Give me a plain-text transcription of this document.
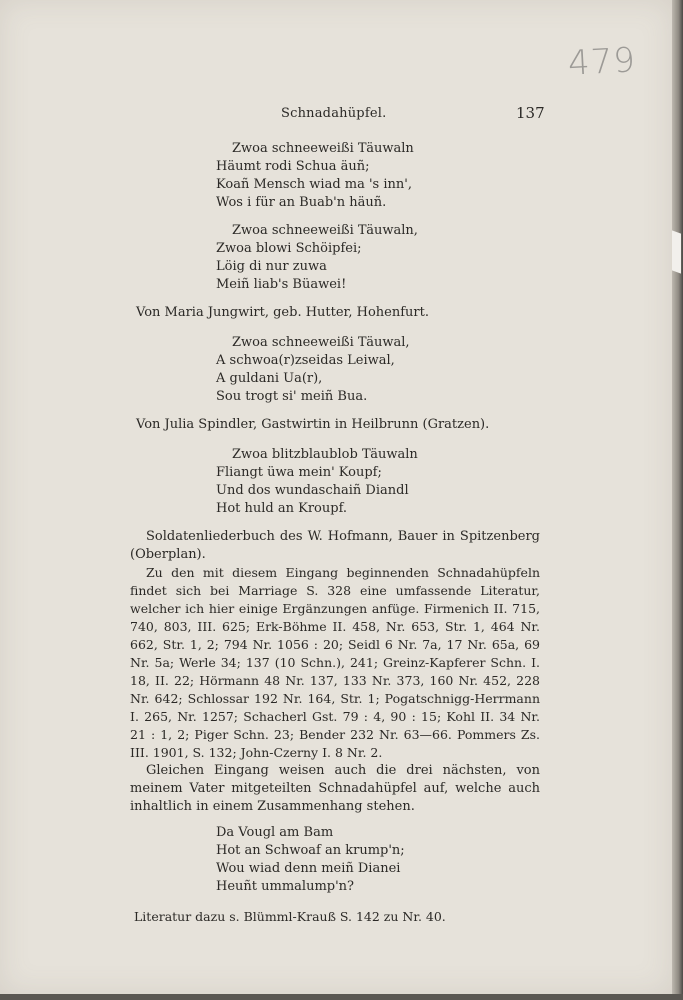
479
Schnadahüpfel.	137
Zwoa schneeweißi Täuwaln
Häumt rodi Schua äuñ;
Koañ Mensch wiad ma 's inn',
Wos i für an Buab'n häuñ.
Zwoa schneeweißi Täuwaln,
Zwoa blowi Schöipfei;
Löig di nur zuwa
Meiñ liab's Büawei!
Von Maria Jungwirt, geb. Hutter, Hohenfurt.
Zwoa schneeweißi Täuwal,
A schwoa(r)zseidas Leiwal,
A guldani Ua(r),
Sou trogt si' meiñ Bua.
Von Julia Spindler, Gastwirtin in Heilbrunn (Gratzen).
Zwoa blitzblaublob Täuwaln
Fliangt üwa mein' Koupf;
Und dos wundaschaiñ Diandl
Hot huld an Kroupf.

Soldatenliederbuch des W. Hofmann, Bauer in Spitzenberg (Oberplan).

Zu den mit diesem Eingang beginnenden Schnadahüpfeln findet sich bei Marriage S. 328 eine umfassende Literatur, welcher ich hier einige Ergänzungen anfüge. Firmenich II. 715, 740, 803, III. 625; Erk-Böhme II. 458, Nr. 653, Str. 1, 464 Nr. 662, Str. 1, 2; 794 Nr. 1056 : 20; Seidl 6 Nr. 7a, 17 Nr. 65a, 69 Nr. 5a; Werle 34; 137 (10 Schn.), 241; Greinz-Kapferer Schn. I. 18, II. 22; Hörmann 48 Nr. 137, 133 Nr. 373, 160 Nr. 452, 228 Nr. 642; Schlossar 192 Nr. 164, Str. 1; Pogatschnigg-Herrmann I. 265, Nr. 1257; Schacherl Gst. 79 : 4, 90 : 15; Kohl II. 34 Nr. 21 : 1, 2; Piger Schn. 23; Bender 232 Nr. 63—66. Pommers Zs. III. 1901, S. 132; John-Czerny I. 8 Nr. 2.

Gleichen Eingang weisen auch die drei nächsten, von meinem Vater mitgeteilten Schnadahüpfel auf, welche auch inhaltlich in einem Zusammenhang stehen.

Da Vougl am Bam
Hot an Schwoaf an krump'n;
Wou wiad denn meiñ Dianei
Heuñt ummalump'n?
Literatur dazu s. Blümml-Krauß S. 142 zu Nr. 40.
